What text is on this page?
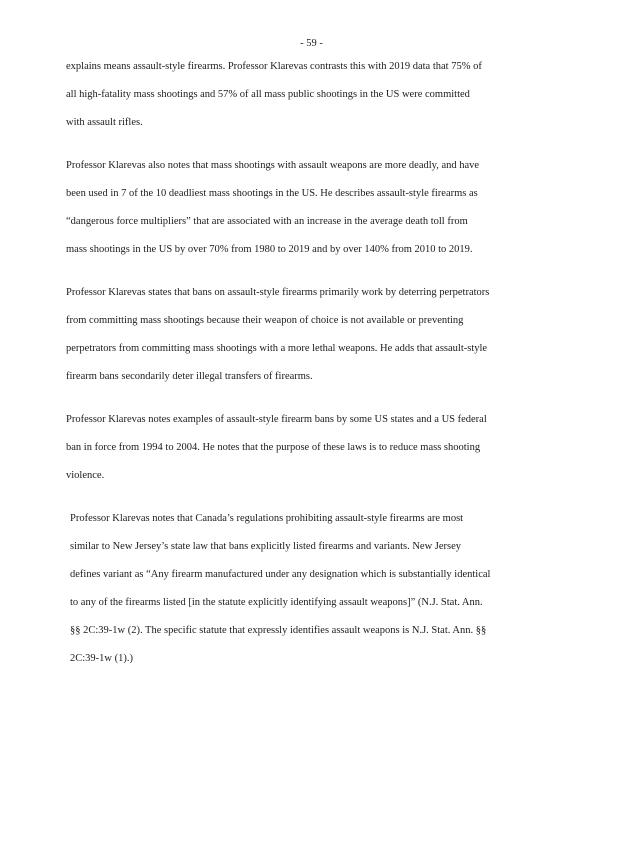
- 59 -
explains means assault-style firearms. Professor Klarevas contrasts this with 2019 data that 75% of
all high-fatality mass shootings and 57% of all mass public shootings in the US were committed
with assault rifles.
Professor Klarevas also notes that mass shootings with assault weapons are more deadly, and have
been used in 7 of the 10 deadliest mass shootings in the US. He describes assault-style firearms as
“dangerous force multipliers” that are associated with an increase in the average death toll from
mass shootings in the US by over 70% from 1980 to 2019 and by over 140% from 2010 to 2019.
Professor Klarevas states that bans on assault-style firearms primarily work by deterring perpetrators
from committing mass shootings because their weapon of choice is not available or preventing
perpetrators from committing mass shootings with a more lethal weapons. He adds that assault-style
firearm bans secondarily deter illegal transfers of firearms.
Professor Klarevas notes examples of assault-style firearm bans by some US states and a US federal
ban in force from 1994 to 2004. He notes that the purpose of these laws is to reduce mass shooting
violence.
Professor Klarevas notes that Canada’s regulations prohibiting assault-style firearms are most
similar to New Jersey’s state law that bans explicitly listed firearms and variants. New Jersey
defines variant as “Any firearm manufactured under any designation which is substantially identical
to any of the firearms listed [in the statute explicitly identifying assault weapons]” (N.J. Stat. Ann.
§§ 2C:39-1w (2). The specific statute that expressly identifies assault weapons is N.J. Stat. Ann. §§
2C:39-1w (1).)
